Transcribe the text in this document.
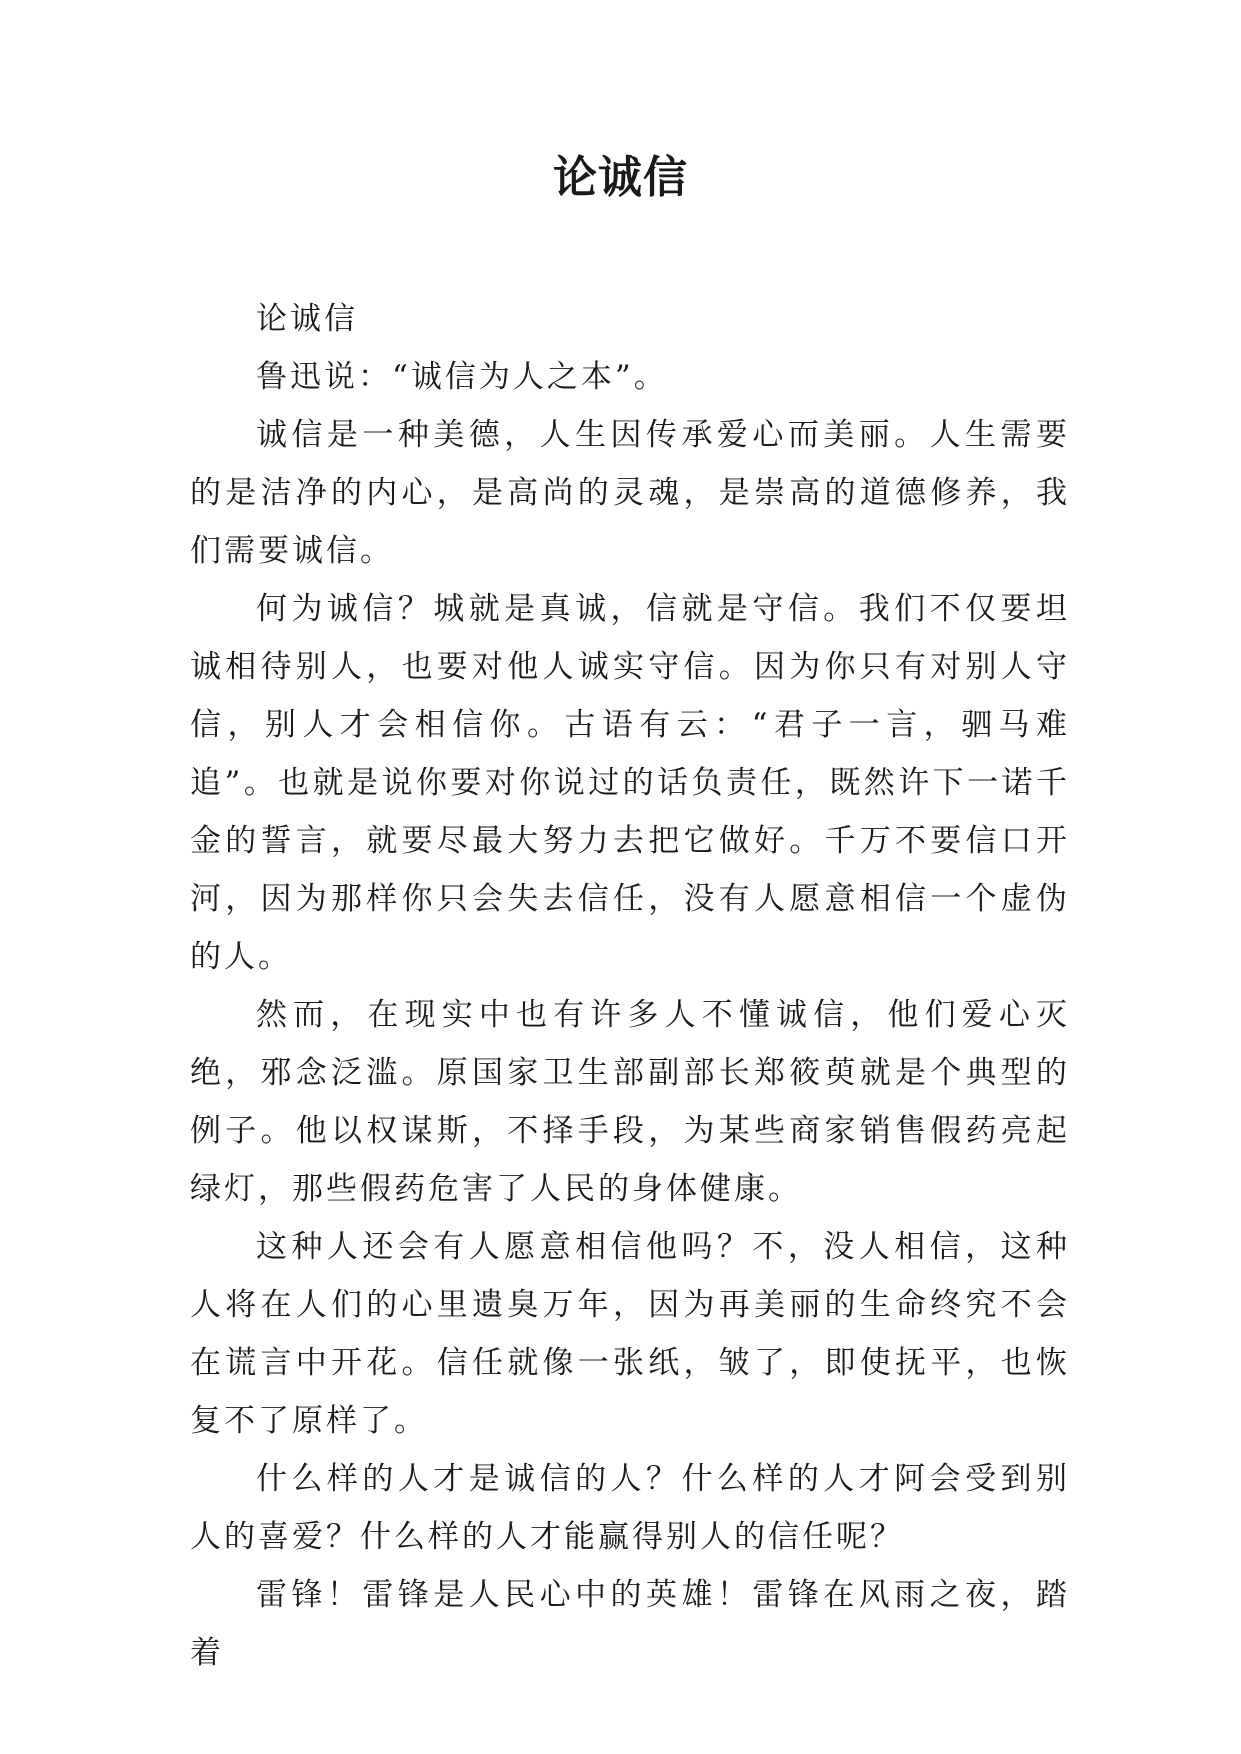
论诚信

论诚信

鲁迅说：“诚信为人之本”。

诚信是一种美德，人生因传承爱心而美丽。人生需要的是洁净的内心，是高尚的灵魂，是崇高的道德修养，我们需要诚信。

何为诚信？城就是真诚，信就是守信。我们不仅要坦诚相待别人，也要对他人诚实守信。因为你只有对别人守信，别人才会相信你。古语有云：“君子一言，驷马难追”。也就是说你要对你说过的话负责任，既然许下一诺千金的誓言，就要尽最大努力去把它做好。千万不要信口开河，因为那样你只会失去信任，没有人愿意相信一个虚伪的人。

然而，在现实中也有许多人不懂诚信，他们爱心灭绝，邪念泛滥。原国家卫生部副部长郑筱萸就是个典型的例子。他以权谋斯，不择手段，为某些商家销售假药亮起绿灯，那些假药危害了人民的身体健康。

这种人还会有人愿意相信他吗？不，没人相信，这种人将在人们的心里遗臭万年，因为再美丽的生命终究不会在谎言中开花。信任就像一张纸，皱了，即使抚平，也恢复不了原样了。

什么样的人才是诚信的人？什么样的人才阿会受到别人的喜爱？什么样的人才能赢得别人的信任呢？

雷锋！雷锋是人民心中的英雄！雷锋在风雨之夜，踏着
